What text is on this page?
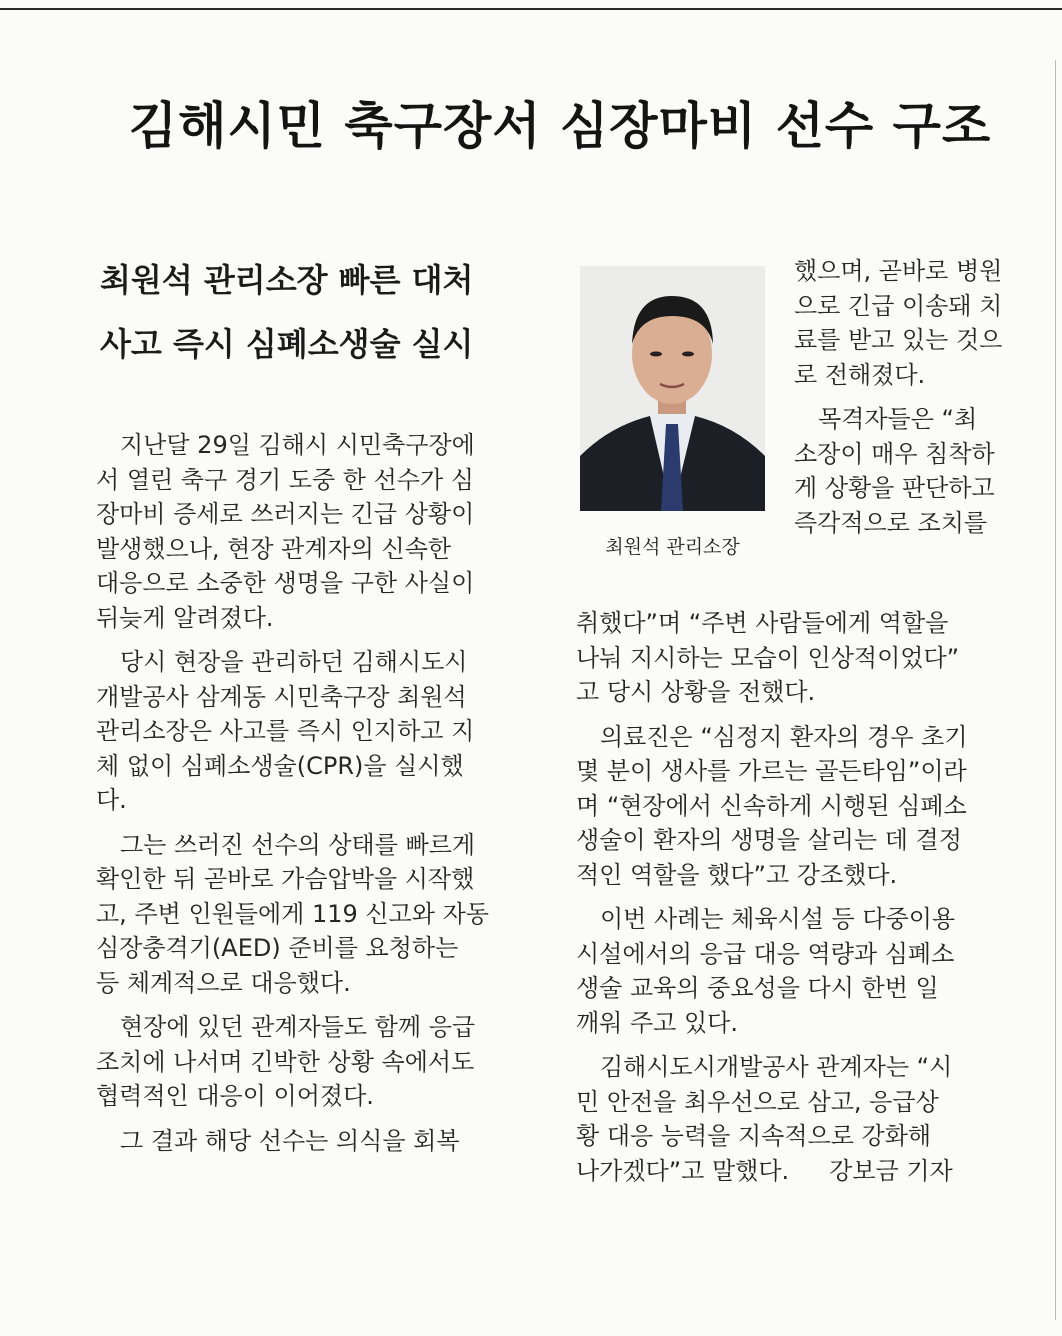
김해시민 축구장서 심장마비 선수 구조
최원석 관리소장 빠른 대처
사고 즉시 심폐소생술 실시
최원석 관리소장
　지난달 29일 김해시 시민축구장에
서 열린 축구 경기 도중 한 선수가 심
장마비 증세로 쓰러지는 긴급 상황이
발생했으나, 현장 관계자의 신속한
대응으로 소중한 생명을 구한 사실이
뒤늦게 알려졌다.
　당시 현장을 관리하던 김해시도시
개발공사 삼계동 시민축구장 최원석
관리소장은 사고를 즉시 인지하고 지
체 없이 심폐소생술(CPR)을 실시했
다.
　그는 쓰러진 선수의 상태를 빠르게
확인한 뒤 곧바로 가슴압박을 시작했
고, 주변 인원들에게 119 신고와 자동
심장충격기(AED) 준비를 요청하는
등 체계적으로 대응했다.
　현장에 있던 관계자들도 함께 응급
조치에 나서며 긴박한 상황 속에서도
협력적인 대응이 이어졌다.
　그 결과 해당 선수는 의식을 회복
했으며, 곧바로 병원
으로 긴급 이송돼 치
료를 받고 있는 것으
로 전해졌다.
　목격자들은 “최
소장이 매우 침착하
게 상황을 판단하고
즉각적으로 조치를
취했다”며 “주변 사람들에게 역할을
나눠 지시하는 모습이 인상적이었다”
고 당시 상황을 전했다.
　의료진은 “심정지 환자의 경우 초기
몇 분이 생사를 가르는 골든타임”이라
며 “현장에서 신속하게 시행된 심폐소
생술이 환자의 생명을 살리는 데 결정
적인 역할을 했다”고 강조했다.
　이번 사례는 체육시설 등 다중이용
시설에서의 응급 대응 역량과 심폐소
생술 교육의 중요성을 다시 한번 일
깨워 주고 있다.
　김해시도시개발공사 관계자는 “시
민 안전을 최우선으로 삼고, 응급상
황 대응 능력을 지속적으로 강화해
나가겠다”고 말했다. 강보금 기자
